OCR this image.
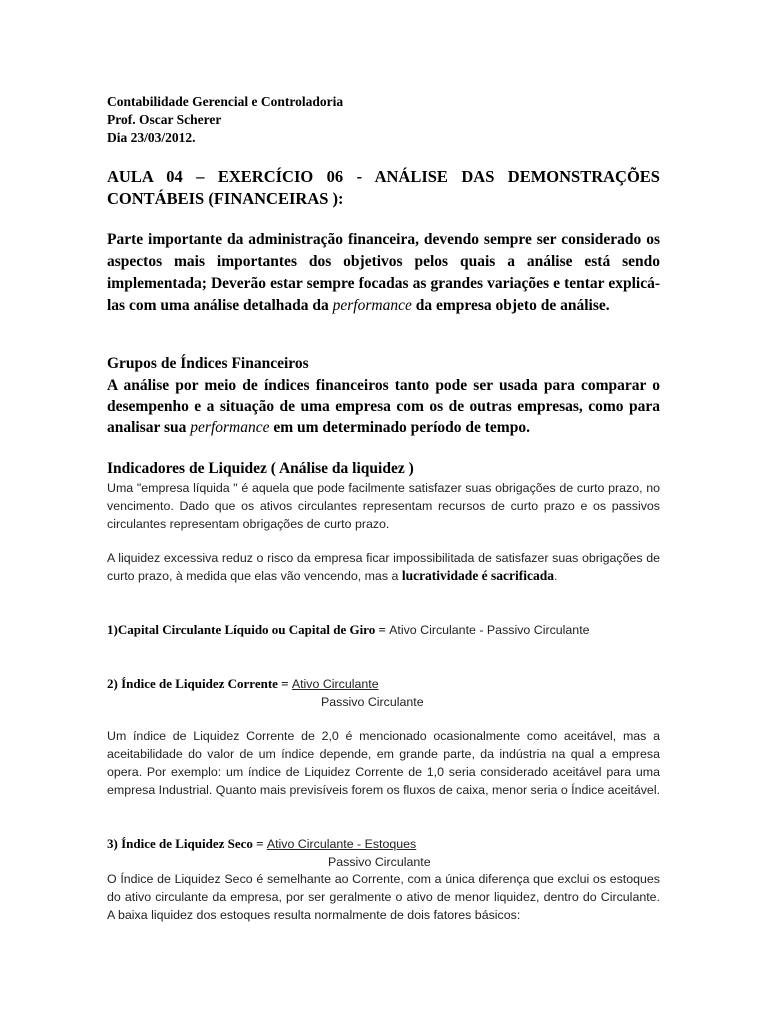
Contabilidade Gerencial e Controladoria
Prof. Oscar Scherer
Dia 23/03/2012.
AULA 04 – EXERCÍCIO 06 - ANÁLISE DAS DEMONSTRAÇÕES CONTÁBEIS (FINANCEIRAS ):
Parte importante da administração financeira, devendo sempre ser considerado os aspectos mais importantes dos objetivos pelos quais a análise está sendo implementada; Deverão estar sempre focadas as grandes variações e tentar explicá-las com uma análise detalhada da performance da empresa objeto de análise.
Grupos de Índices Financeiros
A análise por meio de índices financeiros tanto pode ser usada para comparar o desempenho e a situação de uma empresa com os de outras empresas, como para analisar sua performance em um determinado período de tempo.
Indicadores de Liquidez ( Análise da liquidez )
Uma "empresa líquida " é aquela que pode facilmente satisfazer suas obrigações de curto prazo, no vencimento. Dado que os ativos circulantes representam recursos de curto prazo e os passivos circulantes representam obrigações de curto prazo.
A liquidez excessiva reduz o risco da empresa ficar impossibilitada de satisfazer suas obrigações de curto prazo, à medida que elas vão vencendo, mas a lucratividade é sacrificada.
1)Capital Circulante Líquido ou Capital de Giro = Ativo Circulante - Passivo Circulante
2) Índice de Liquidez Corrente = Ativo Circulante
Passivo Circulante
Um índice de Liquidez Corrente de 2,0 é mencionado ocasionalmente como aceitável, mas a aceitabilidade do valor de um índice depende, em grande parte, da indústria na qual a empresa opera. Por exemplo: um índice de Liquidez Corrente de 1,0 seria considerado aceitável para uma empresa Industrial. Quanto mais previsíveis forem os fluxos de caixa, menor seria o Índice aceitável.
3) Índice de Liquidez Seco = Ativo Circulante - Estoques
Passivo Circulante
O Índice de Liquidez Seco é semelhante ao Corrente, com a única diferença que exclui os estoques do ativo circulante da empresa, por ser geralmente o ativo de menor liquidez, dentro do Circulante. A baixa liquidez dos estoques resulta normalmente de dois fatores básicos:
